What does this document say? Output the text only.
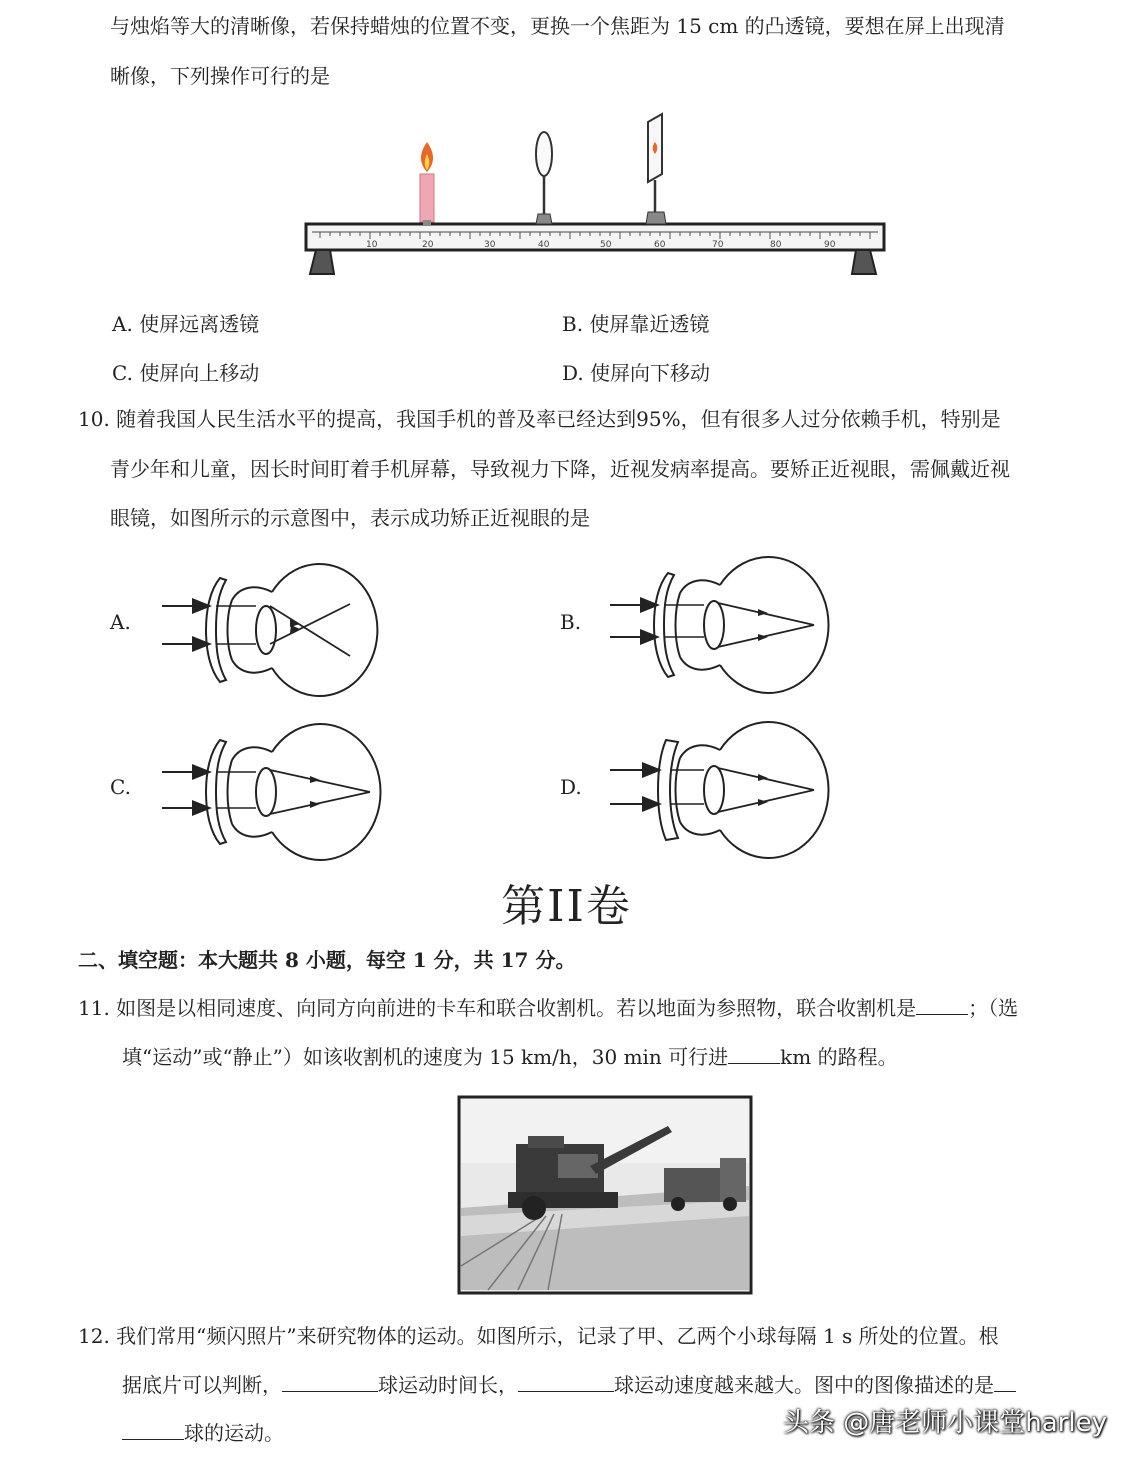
与烛焰等大的清晰像，若保持蜡烛的位置不变，更换一个焦距为 15 cm 的凸透镜，要想在屏上出现清
晰像，下列操作可行的是
10	20	30	40	50	60	70	80	90
A. 使屏远离透镜	B. 使屏靠近透镜
C. 使屏向上移动	D. 使屏向下移动
10. 随着我国人民生活水平的提高，我国手机的普及率已经达到95%，但有很多人过分依赖手机，特别是
青少年和儿童，因长时间盯着手机屏幕，导致视力下降，近视发病率提高。要矫正近视眼，需佩戴近视
眼镜，如图所示的示意图中，表示成功矫正近视眼的是
A.	B.
C.	D.
第II卷
二、填空题：本大题共 8 小题，每空 1 分，共 17 分。
11. 如图是以相同速度、向同方向前进的卡车和联合收割机。若以地面为参照物，联合收割机是	；（选
填“运动”或“静止”）如该收割机的速度为 15 km/h，30 min 可行进	km 的路程。
12. 我们常用“频闪照片”来研究物体的运动。如图所示，记录了甲、乙两个小球每隔 1 s 所处的位置。根
据底片可以判断，	球运动时间长，	球运动速度越来越大。图中的图像描述的是
球的运动。	头条 @唐老师小课堂harley
